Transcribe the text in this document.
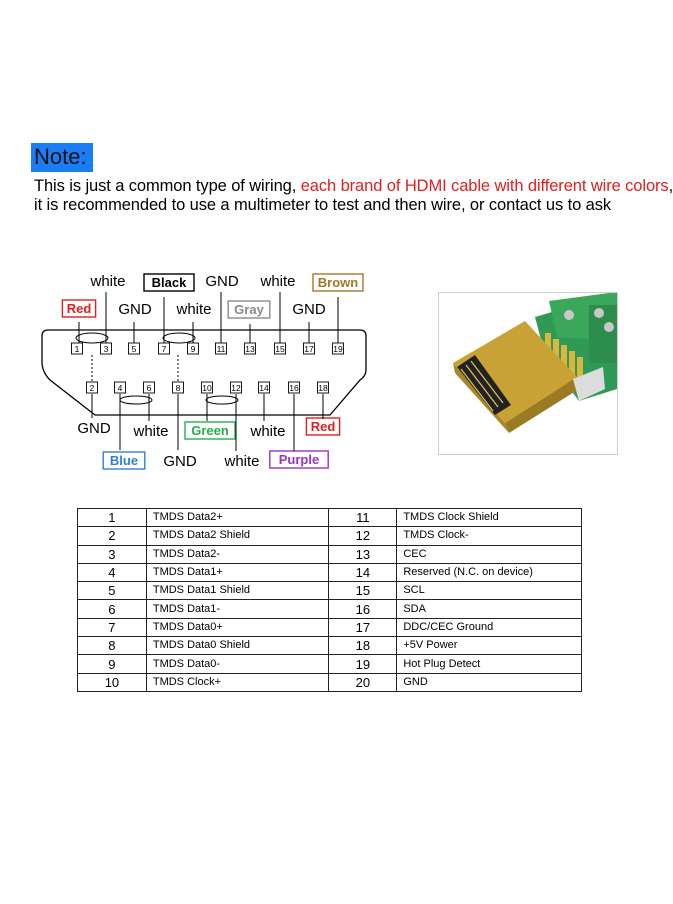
Note:
This is just a common type of wiring, each brand of HDMI cable with different wire colors,
it is recommended to use a multimeter to test and then wire, or contact us to ask
1	3	5	7	9 11 13 15 17 19
2	4	6	8	10 12 14 16 18
white Black GND white Brown
Red GND white Gray GND
GND white Green white Red
Blue GND white Purple
1	TMDS Data2+	11	TMDS Clock Shield
2	TMDS Data2 Shield	12	TMDS Clock-
3	TMDS Data2-	13	CEC
4	TMDS Data1+	14	Reserved (N.C. on device)
5	TMDS Data1 Shield	15	SCL
6	TMDS Data1-	16	SDA
7	TMDS Data0+	17	DDC/CEC Ground
8	TMDS Data0 Shield	18	+5V Power
9	TMDS Data0-	19	Hot Plug Detect
10	TMDS Clock+	20	GND
